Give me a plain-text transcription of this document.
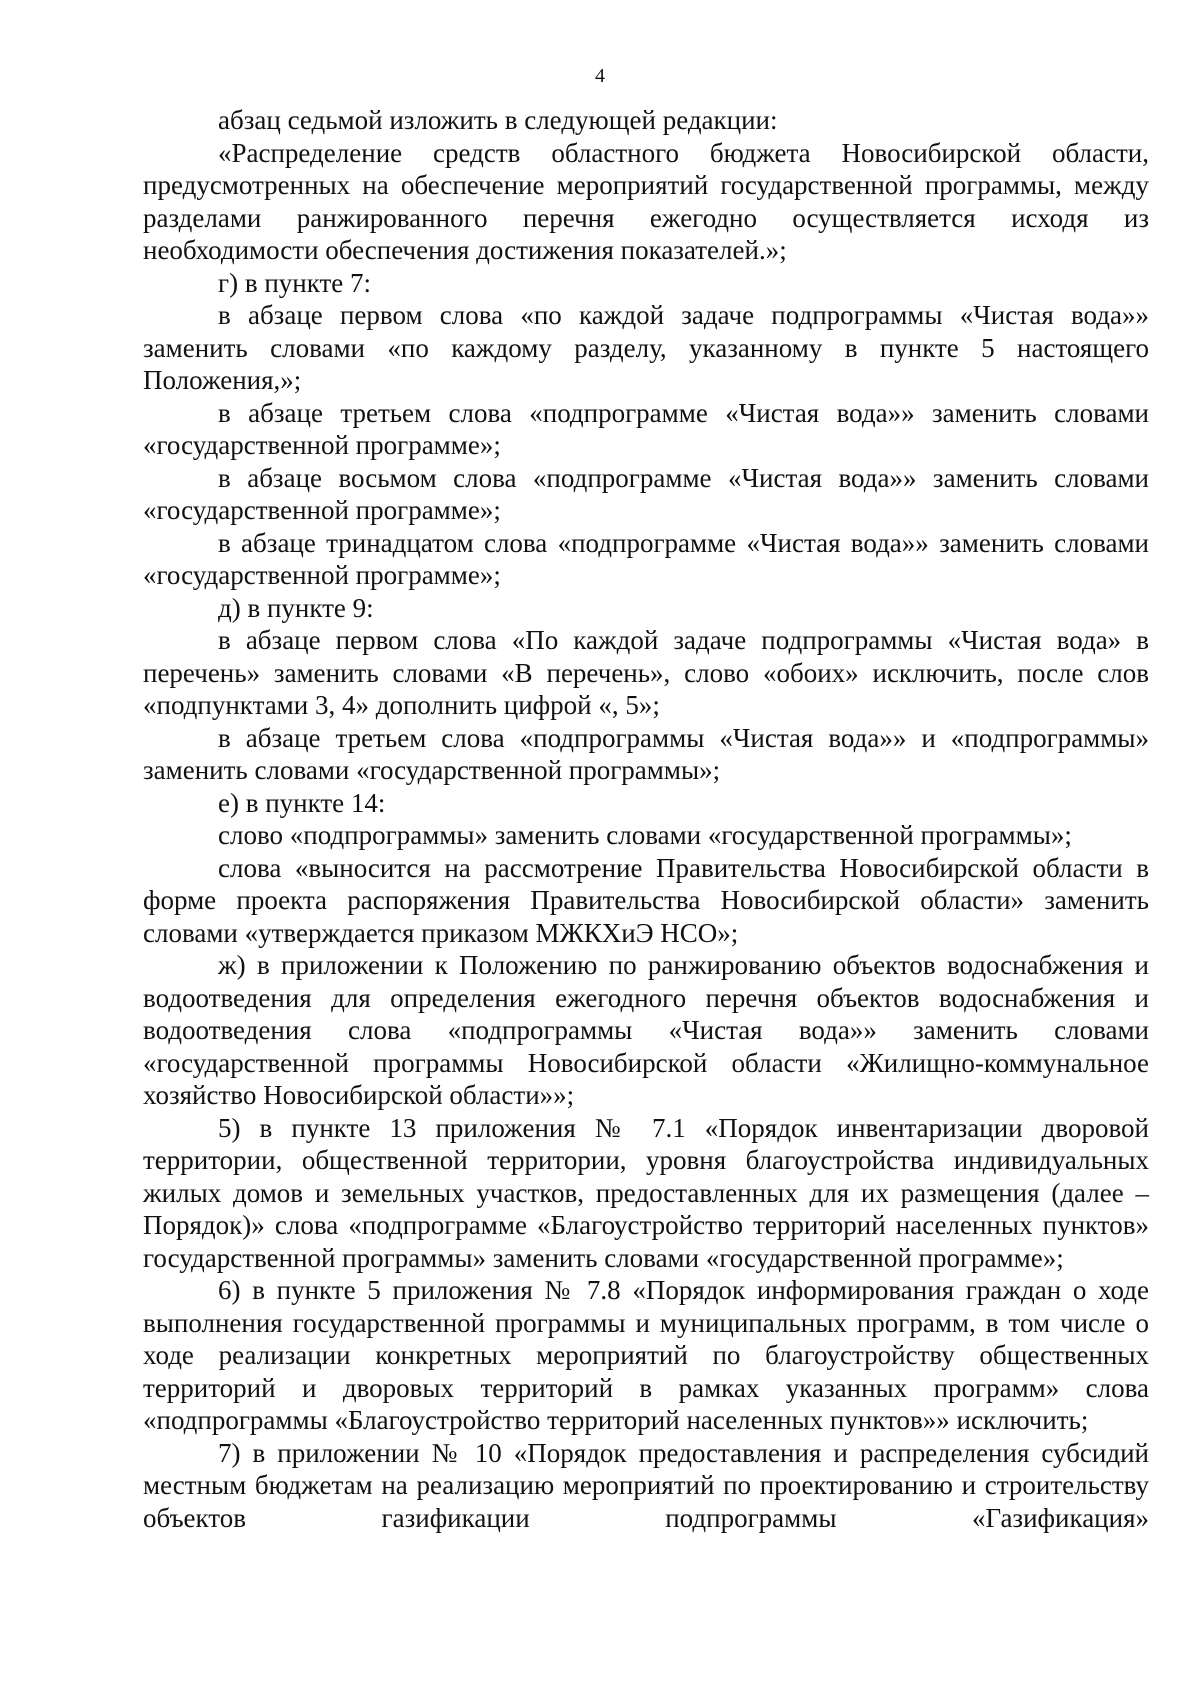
4

абзац седьмой изложить в следующей редакции:

«Распределение средств областного бюджета Новосибирской области, предусмотренных на обеспечение мероприятий государственной программы, между разделами ранжированного перечня ежегодно осуществляется исходя из необходимости обеспечения достижения показателей.»;

г) в пункте 7:

в абзаце первом слова «по каждой задаче подпрограммы «Чистая вода»» заменить словами «по каждому разделу, указанному в пункте 5 настоящего Положения,»;

в абзаце третьем слова «подпрограмме «Чистая вода»» заменить словами «государственной программе»;

в абзаце восьмом слова «подпрограмме «Чистая вода»» заменить словами «государственной программе»;

в абзаце тринадцатом слова «подпрограмме «Чистая вода»» заменить словами «государственной программе»;

д) в пункте 9:

в абзаце первом слова «По каждой задаче подпрограммы «Чистая вода» в перечень» заменить словами «В перечень», слово «обоих» исключить, после слов «подпунктами 3, 4» дополнить цифрой «, 5»;

в абзаце третьем слова «подпрограммы «Чистая вода»» и «подпрограммы» заменить словами «государственной программы»;

е) в пункте 14:

слово «подпрограммы» заменить словами «государственной программы»;

слова «выносится на рассмотрение Правительства Новосибирской области в форме проекта распоряжения Правительства Новосибирской области» заменить словами «утверждается приказом МЖКХиЭ НСО»;

ж) в приложении к Положению по ранжированию объектов водоснабжения и водоотведения для определения ежегодного перечня объектов водоснабжения и водоотведения слова «подпрограммы «Чистая вода»» заменить словами «государственной программы Новосибирской области «Жилищно-коммунальное хозяйство Новосибирской области»»;

5) в пункте 13 приложения № 7.1 «Порядок инвентаризации дворовой территории, общественной территории, уровня благоустройства индивидуальных жилых домов и земельных участков, предоставленных для их размещения (далее – Порядок)» слова «подпрограмме «Благоустройство территорий населенных пунктов» государственной программы» заменить словами «государственной программе»;

6) в пункте 5 приложения № 7.8 «Порядок информирования граждан о ходе выполнения государственной программы и муниципальных программ, в том числе о ходе реализации конкретных мероприятий по благоустройству общественных территорий и дворовых территорий в рамках указанных программ» слова «подпрограммы «Благоустройство территорий населенных пунктов»» исключить;

7) в приложении № 10 «Порядок предоставления и распределения субсидий местным бюджетам на реализацию мероприятий по проектированию и строительству объектов газификации подпрограммы «Газификация»
